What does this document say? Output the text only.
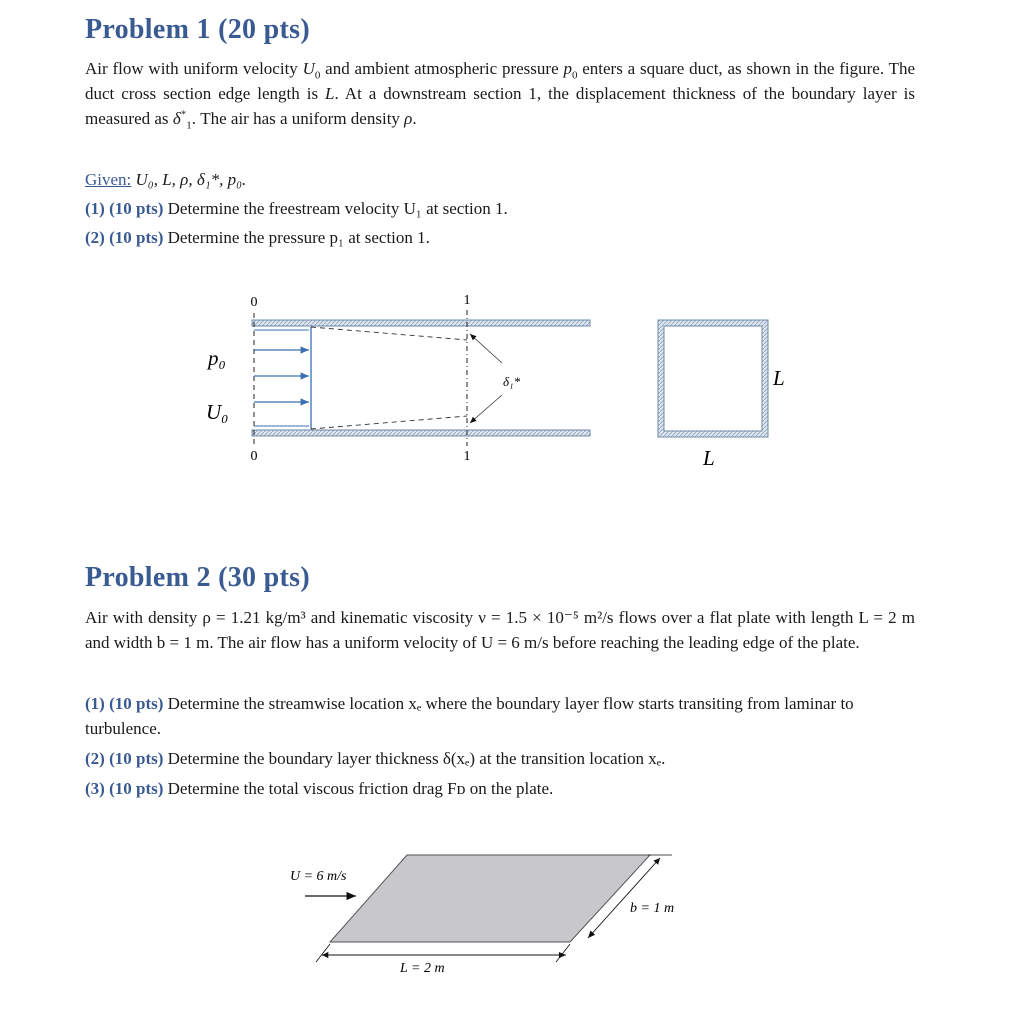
Problem 1 (20 pts)
Air flow with uniform velocity $U_0$ and ambient atmospheric pressure $p_0$ enters a square duct, as shown in the figure. The duct cross section edge length is L. At a downstream section 1, the displacement thickness of the boundary layer is measured as $\delta^*_1$. The air has a uniform density ρ.
Given: U₀, L, ρ, δ₁*, p₀.
(1) (10 pts) Determine the freestream velocity U₁ at section 1.
(2) (10 pts) Determine the pressure p₁ at section 1.
0	1
0	1
δ₁*
p₀
U₀
L
L
Problem 2 (30 pts)
Air with density ρ = 1.21 kg/m³ and kinematic viscosity ν = 1.5 × 10⁻⁵ m²/s flows over a flat plate with length L = 2 m and width b = 1 m. The air flow has a uniform velocity of U = 6 m/s before reaching the leading edge of the plate.
(1) (10 pts) Determine the streamwise location xₑ where the boundary layer flow starts transiting from laminar to turbulence.
(2) (10 pts) Determine the boundary layer thickness δ(xₑ) at the transition location xₑ.
(3) (10 pts) Determine the total viscous friction drag Fᴅ on the plate.
U = 6 m/s
b = 1 m
L = 2 m
